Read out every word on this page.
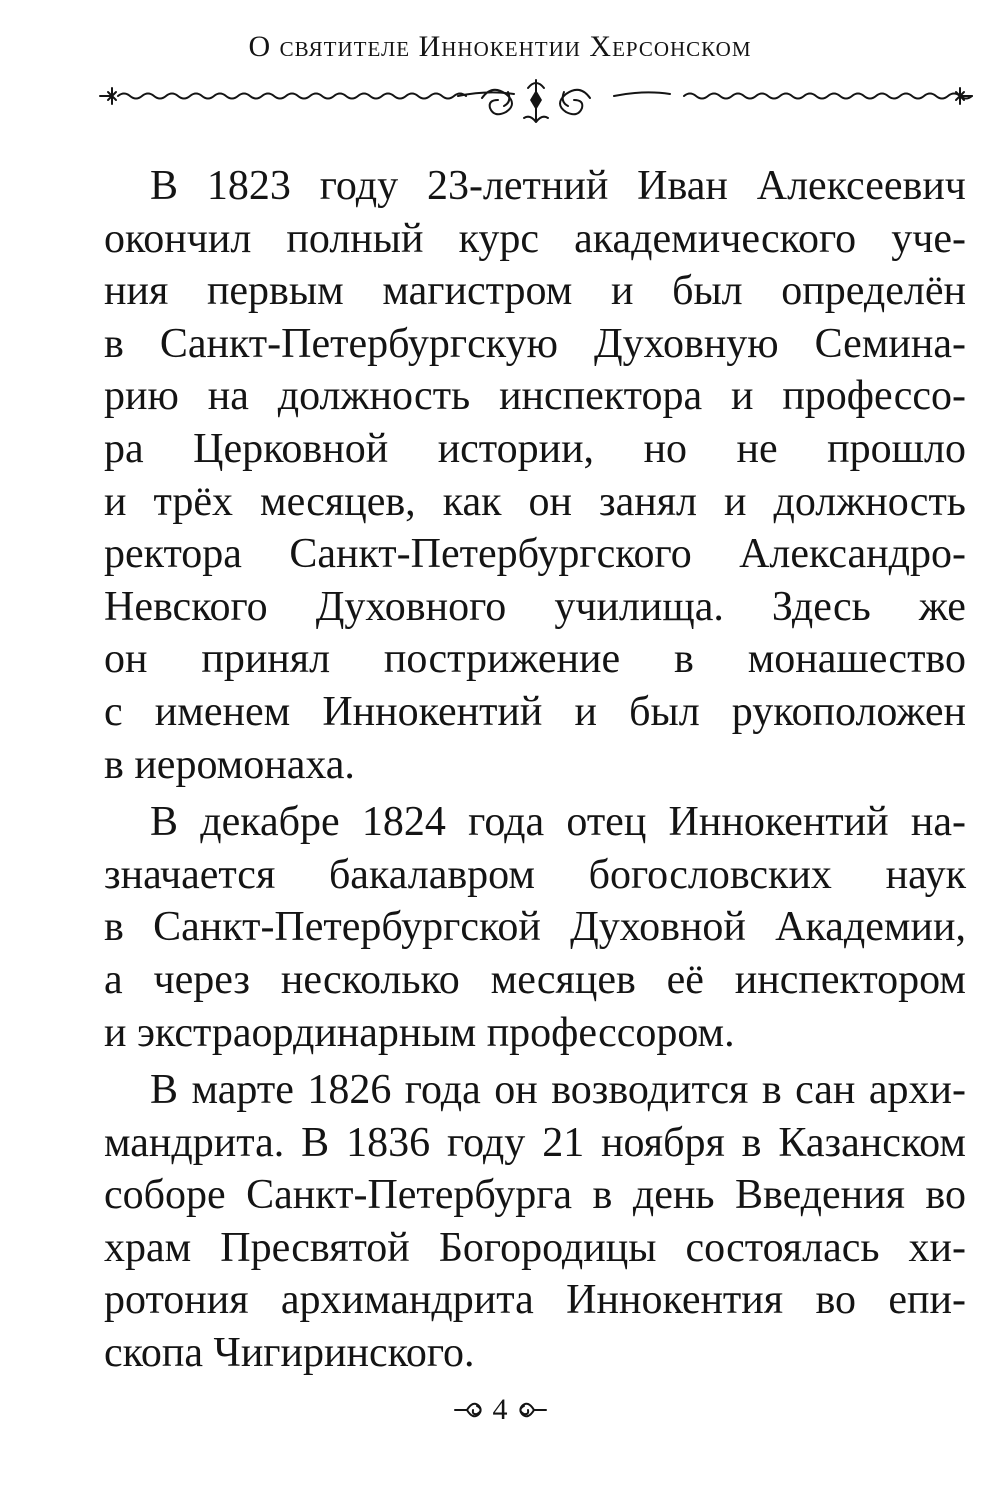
О святителе Иннокентии Херсонском
В 1823 году 23-летний Иван Алексеевич
окончил полный курс академического уче-
ния первым магистром и был определён
в Санкт-Петербургскую Духовную Семина-
рию на должность инспектора и профессо-
ра Церковной истории, но не прошло
и трёх месяцев, как он занял и должность
ректора Санкт-Петербургского Александро-
Невского Духовного училища. Здесь же
он принял пострижение в монашество
с именем Иннокентий и был рукоположен
в иеромонаха.
В декабре 1824 года отец Иннокентий на-
значается бакалавром богословских наук
в Санкт-Петербургской Духовной Академии,
а через несколько месяцев её инспектором
и экстраординарным профессором.
В марте 1826 года он возводится в сан архи-
мандрита. В 1836 году 21 ноября в Казанском
соборе Санкт-Петербурга в день Введения во
храм Пресвятой Богородицы состоялась хи-
ротония архимандрита Иннокентия во епи-
скопа Чигиринского.
4
